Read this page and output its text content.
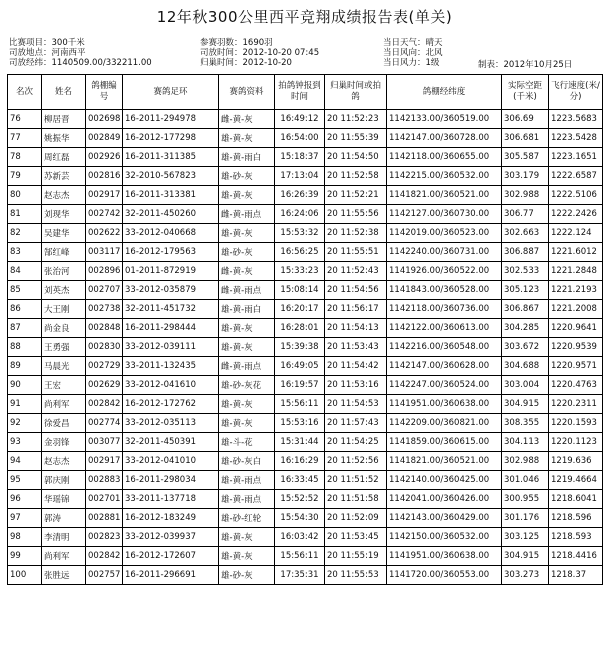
12年秋300公里西平竞翔成绩报告表(单关)
比赛项目：300千米
司放地点：河南西平
司放经纬：1140509.00/332211.00
参赛羽数：1690羽
司放时间：2012-10-20 07:45
归巢时间：2012-10-20
当日天气：晴天
当日风向：北风
当日风力：1级	制表：2012年10月25日
名次	姓名	鸽棚编号	赛鸽足环	赛鸽资料	拍鸽钟报到时间	归巢时间或拍鸽	鸽棚经纬度	实际空距(千米)	飞行速度(米/分)
76	柳居晋	002698	16-2011-294978	雌-黄-灰	16:49:12	20 11:52:23	1142133.00/360519.00	306.69	1223.5683
77	姚振华	002849	16-2012-177298	雄-黄-灰	16:54:00	20 11:55:39	1142147.00/360728.00	306.681	1223.5428
78	周红磊	002926	16-2011-311385	雄-黄-雨白	15:18:37	20 11:54:50	1142118.00/360655.00	305.587	1223.1651
79	苏新芸	002816	32-2010-567823	雄-砂-灰	17:13:04	20 11:52:58	1142215.00/360532.00	303.179	1222.6587
80	赵志杰	002917	16-2011-313381	雄-黄-灰	16:26:39	20 11:52:21	1141821.00/360521.00	302.988	1222.5106
81	刘现华	002742	32-2011-450260	雌-黄-雨点	16:24:06	20 11:55:56	1142127.00/360730.00	306.77	1222.2426
82	吴建华	002622	33-2012-040668	雄-黄-灰	15:53:32	20 11:52:38	1142019.00/360523.00	302.663	1222.124
83	郜红峰	003117	16-2012-179563	雄-砂-灰	16:56:25	20 11:55:51	1142240.00/360731.00	306.887	1221.6012
84	张治河	002896	01-2011-872919	雌-黄-灰	15:33:23	20 11:52:43	1141926.00/360522.00	302.533	1221.2848
85	刘英杰	002707	33-2012-035879	雌-黄-雨点	15:08:14	20 11:54:56	1141843.00/360528.00	305.123	1221.2193
86	大王刚	002738	32-2011-451732	雄-黄-雨白	16:20:17	20 11:56:17	1142118.00/360736.00	306.867	1221.2008
87	尚金良	002848	16-2011-298444	雄-黄-灰	16:28:01	20 11:54:13	1142122.00/360613.00	304.285	1220.9641
88	王勇强	002830	33-2012-039111	雄-黄-灰	15:39:38	20 11:53:43	1142216.00/360548.00	303.672	1220.9539
89	马晨光	002729	33-2011-132435	雌-黄-雨点	16:49:05	20 11:54:42	1142147.00/360628.00	304.688	1220.9571
90	王宏	002629	33-2012-041610	雄-砂-灰花	16:19:57	20 11:53:16	1142247.00/360524.00	303.004	1220.4763
91	尚利军	002842	16-2012-172762	雄-黄-灰	15:56:11	20 11:54:53	1141951.00/360638.00	304.915	1220.2311
92	徐爱昌	002774	33-2012-035113	雄-黄-灰	15:53:16	20 11:57:43	1142209.00/360821.00	308.355	1220.1593
93	金羽锋	003077	32-2011-450391	雄-斗-花	15:31:44	20 11:54:25	1141859.00/360615.00	304.113	1220.1123
94	赵志杰	002917	33-2012-041010	雄-砂-灰白	16:16:29	20 11:52:56	1141821.00/360521.00	302.988	1219.636
95	郭庆刚	002883	16-2011-298034	雄-黄-雨点	16:33:45	20 11:51:52	1142140.00/360425.00	301.046	1219.4664
96	华瑶锦	002701	33-2011-137718	雄-黄-雨点	15:52:52	20 11:51:58	1142041.00/360426.00	300.955	1218.6041
97	郭涛	002881	16-2012-183249	雄-砂-红轮	15:54:30	20 11:52:09	1142143.00/360429.00	301.176	1218.596
98	李清明	002823	33-2012-039937	雄-黄-灰	16:03:42	20 11:53:45	1142150.00/360532.00	303.125	1218.593
99	尚利军	002842	16-2012-172607	雄-黄-灰	15:56:11	20 11:55:19	1141951.00/360638.00	304.915	1218.4416
100	张胜远	002757	16-2011-296691	雄-砂-灰	17:35:31	20 11:55:53	1141720.00/360553.00	303.273	1218.37
